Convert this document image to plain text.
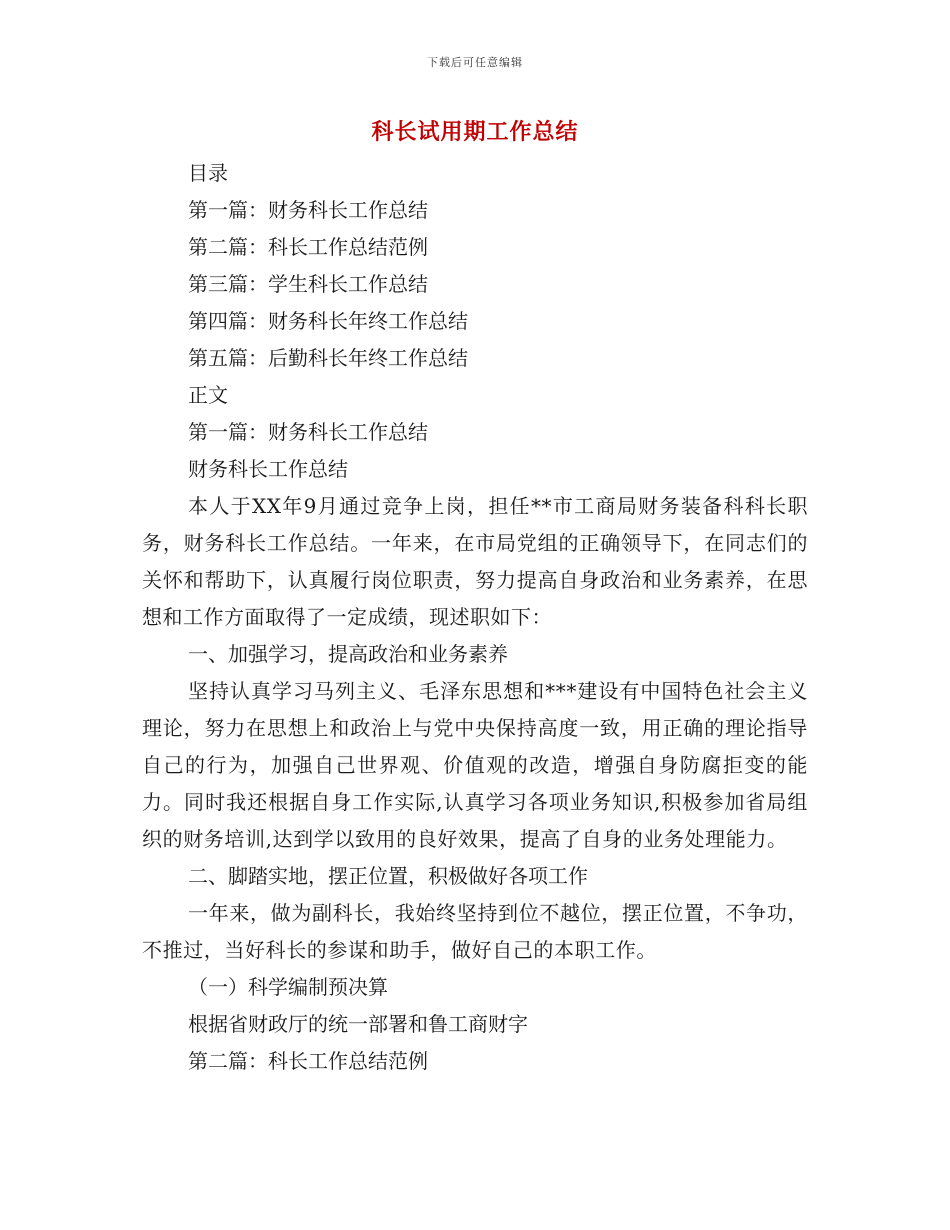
下载后可任意编辑
科长试用期工作总结
目录
第一篇：财务科长工作总结
第二篇：科长工作总结范例
第三篇：学生科长工作总结
第四篇：财务科长年终工作总结
第五篇：后勤科长年终工作总结
正文
第一篇：财务科长工作总结
财务科长工作总结
本人于XX年9月通过竞争上岗，担任**市工商局财务装备科科长职务，财务科长工作总结。一年来，在市局党组的正确领导下，在同志们的关怀和帮助下，认真履行岗位职责，努力提高自身政治和业务素养，在思想和工作方面取得了一定成绩，现述职如下：
一、加强学习，提高政治和业务素养
坚持认真学习马列主义、毛泽东思想和***建设有中国特色社会主义理论，努力在思想上和政治上与党中央保持高度一致，用正确的理论指导自己的行为，加强自己世界观、价值观的改造，增强自身防腐拒变的能力。同时我还根据自身工作实际,认真学习各项业务知识,积极参加省局组织的财务培训,达到学以致用的良好效果，提高了自身的业务处理能力。
二、脚踏实地，摆正位置，积极做好各项工作
一年来，做为副科长，我始终坚持到位不越位，摆正位置，不争功，不推过，当好科长的参谋和助手，做好自己的本职工作。
（一）科学编制预决算
根据省财政厅的统一部署和鲁工商财字
第二篇：科长工作总结范例
